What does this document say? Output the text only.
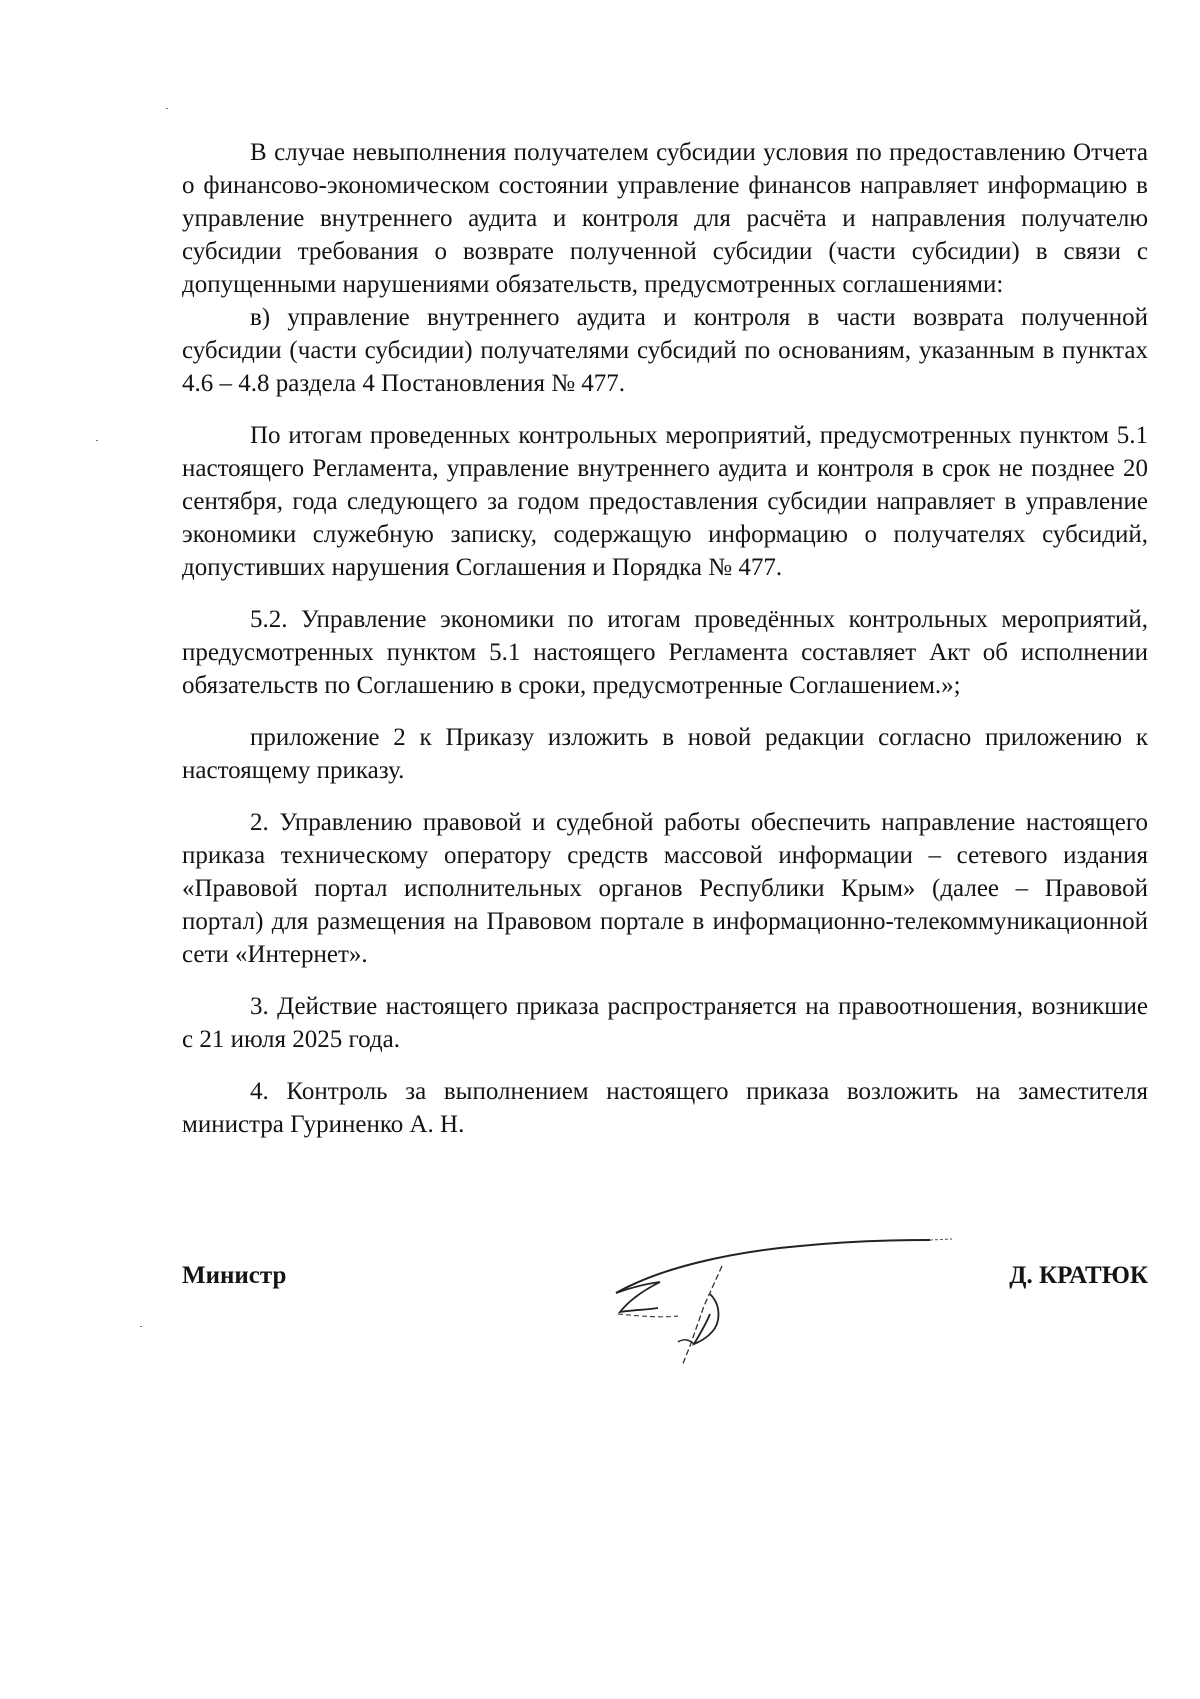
В случае невыполнения получателем субсидии условия по предоставлению Отчета о финансово-экономическом состоянии управление финансов направляет информацию в управление внутреннего аудита и контроля для расчёта и направления получателю субсидии требования о возврате полученной субсидии (части субсидии) в связи с допущенными нарушениями обязательств, предусмотренных соглашениями:

в) управление внутреннего аудита и контроля в части возврата полученной субсидии (части субсидии) получателями субсидий по основаниям, указанным в пунктах 4.6 – 4.8 раздела 4 Постановления № 477.

По итогам проведенных контрольных мероприятий, предусмотренных пунктом 5.1 настоящего Регламента, управление внутреннего аудита и контроля в срок не позднее 20 сентября, года следующего за годом предоставления субсидии направляет в управление экономики служебную записку, содержащую информацию о получателях субсидий, допустивших нарушения Соглашения и Порядка № 477.

5.2. Управление экономики по итогам проведённых контрольных мероприятий, предусмотренных пунктом 5.1 настоящего Регламента составляет Акт об исполнении обязательств по Соглашению в сроки, предусмотренные Соглашением.»;

приложение 2 к Приказу изложить в новой редакции согласно приложению к настоящему приказу.

2. Управлению правовой и судебной работы обеспечить направление настоящего приказа техническому оператору средств массовой информации – сетевого издания «Правовой портал исполнительных органов Республики Крым» (далее – Правовой портал) для размещения на Правовом портале в информационно-телекоммуникационной сети «Интернет».

3. Действие настоящего приказа распространяется на правоотношения, возникшие с 21 июля 2025 года.

4. Контроль за выполнением настоящего приказа возложить на заместителя министра Гуриненко А. Н.

Министр	Д. КРАТЮК
